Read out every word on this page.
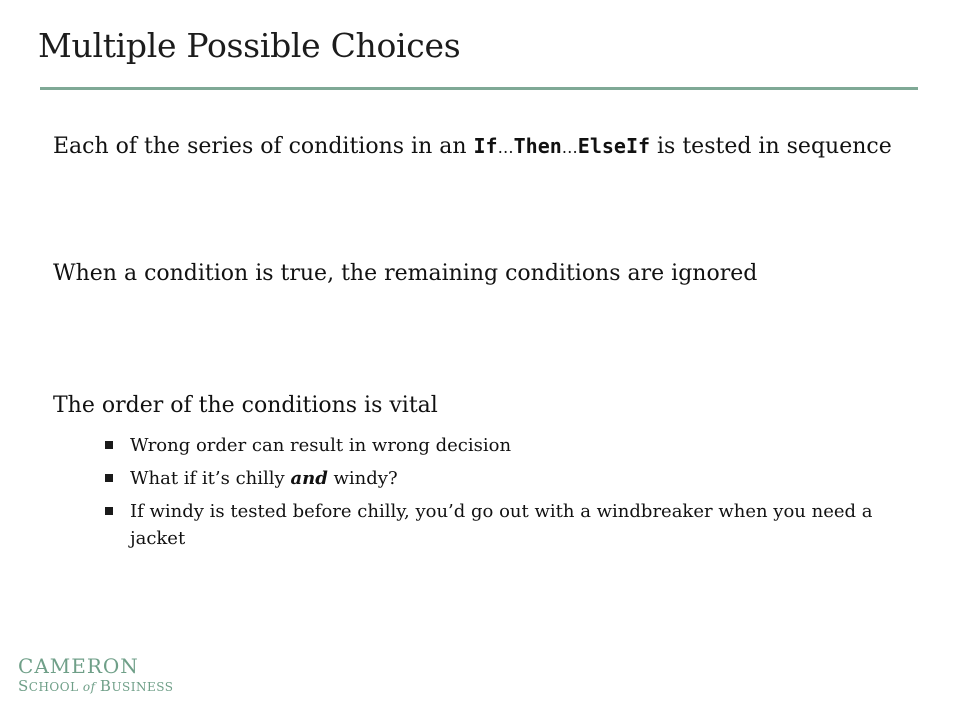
Multiple Possible Choices

Each of the series of conditions in an If…Then…ElseIf is tested in sequence

When a condition is true, the remaining conditions are ignored

The order of the conditions is vital

Wrong order can result in wrong decision
What if it’s chilly and windy?
If windy is tested before chilly, you’d go out with a windbreaker when you need a jacket
CAMERON
SCHOOL of BUSINESS
